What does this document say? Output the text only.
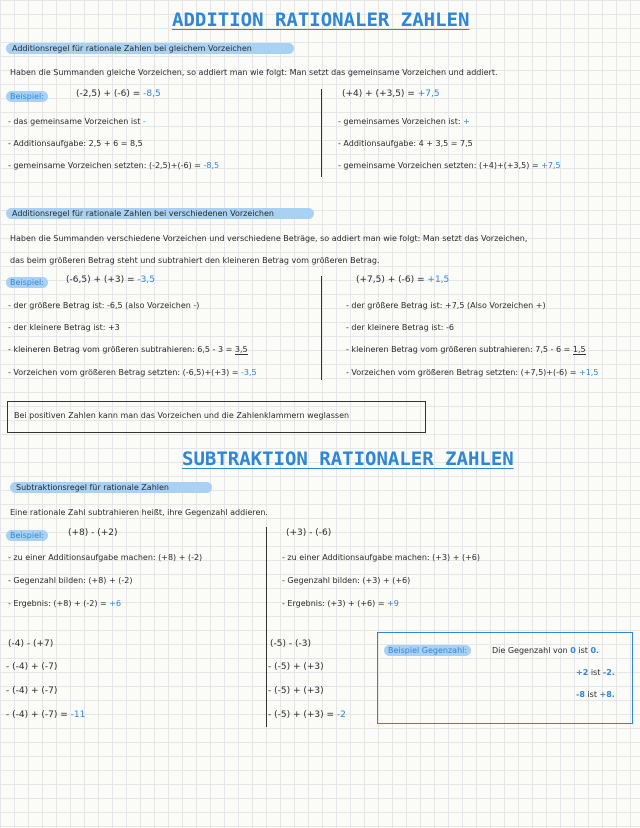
ADDITION RATIONALER ZAHLEN
Additionsregel für rationale Zahlen bei gleichem Vorzeichen
Haben die Summanden gleiche Vorzeichen, so addiert man wie folgt: Man setzt das gemeinsame Vorzeichen und addiert.
Beispiel:	(-2,5) + (-6) = -8,5	(+4) + (+3,5) = +7,5
- das gemeinsame Vorzeichen ist -
- Additionsaufgabe: 2,5 + 6 = 8,5
- gemeinsame Vorzeichen setzten: (-2,5)+(-6) = -8,5
- gemeinsames Vorzeichen ist: +
- Additionsaufgabe: 4 + 3,5 = 7,5
- gemeinsame Vorzeichen setzten: (+4)+(+3,5) = +7,5
Additionsregel für rationale Zahlen bei verschiedenen Vorzeichen
Haben die Summanden verschiedene Vorzeichen und verschiedene Beträge, so addiert man wie folgt: Man setzt das Vorzeichen,
das beim größeren Betrag steht und subtrahiert den kleineren Betrag vom größeren Betrag.
Beispiel:	(-6,5) + (+3) = -3,5	(+7,5) + (-6) = +1,5
- der größere Betrag ist: -6,5 (also Vorzeichen -)
- der kleinere Betrag ist: +3
- kleineren Betrag vom größeren subtrahieren: 6,5 - 3 = 3,5
- Vorzeichen vom größeren Betrag setzten: (-6,5)+(+3) = -3,5
- der größere Betrag ist: +7,5 (Also Vorzeichen +)
- der kleinere Betrag ist: -6
- kleineren Betrag vom größeren subtrahieren: 7,5 - 6 = 1,5
- Vorzeichen vom größeren Betrag setzten: (+7,5)+(-6) = +1,5
Bei positiven Zahlen kann man das Vorzeichen und die Zahlenklammern weglassen
SUBTRAKTION RATIONALER ZAHLEN
Subtraktionsregel für rationale Zahlen
Eine rationale Zahl subtrahieren heißt, ihre Gegenzahl addieren.
Beispiel:	(+8) - (+2)	(+3) - (-6)
- zu einer Additionsaufgabe machen: (+8) + (-2)
- Gegenzahl bilden: (+8) + (-2)
- Ergebnis: (+8) + (-2) = +6
- zu einer Additionsaufgabe machen: (+3) + (+6)
- Gegenzahl bilden: (+3) + (+6)
- Ergebnis: (+3) + (+6) = +9
(-4) - (+7)
- (-4) + (-7)
- (-4) + (-7)
- (-4) + (-7) = -11
(-5) - (-3)
- (-5) + (+3)
- (-5) + (+3)
- (-5) + (+3) = -2
Beispiel Gegenzahl:	Die Gegenzahl von 0 ist 0.
+2 ist -2.
-8 ist +8.
